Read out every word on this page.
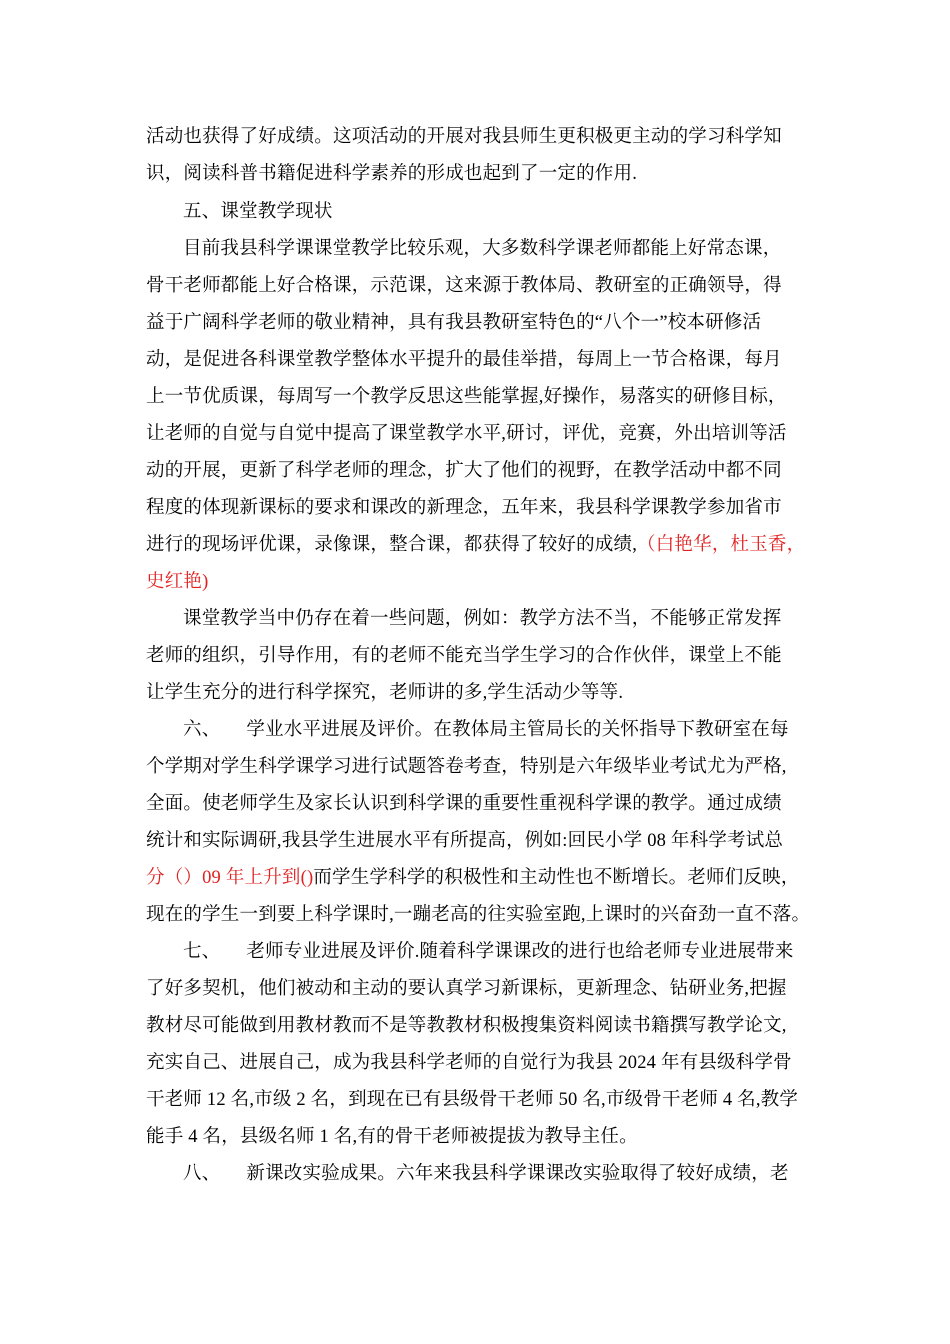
活动也获得了好成绩。这项活动的开展对我县师生更积极更主动的学习科学知
识，阅读科普书籍促进科学素养的形成也起到了一定的作用.
五、课堂教学现状
目前我县科学课课堂教学比较乐观，大多数科学课老师都能上好常态课，
骨干老师都能上好合格课，示范课，这来源于教体局、教研室的正确领导，得
益于广阔科学老师的敬业精神，具有我县教研室特色的“八个一”校本研修活
动，是促进各科课堂教学整体水平提升的最佳举措，每周上一节合格课，每月
上一节优质课，每周写一个教学反思这些能掌握,好操作，易落实的研修目标，
让老师的自觉与自觉中提高了课堂教学水平,研讨，评优，竞赛，外出培训等活
动的开展，更新了科学老师的理念，扩大了他们的视野，在教学活动中都不同
程度的体现新课标的要求和课改的新理念，五年来，我县科学课教学参加省市
进行的现场评优课，录像课，整合课，都获得了较好的成绩,（白艳华，杜玉香，
史红艳)
课堂教学当中仍存在着一些问题，例如：教学方法不当，不能够正常发挥
老师的组织，引导作用，有的老师不能充当学生学习的合作伙伴，课堂上不能
让学生充分的进行科学探究，老师讲的多,学生活动少等等.
六、 学业水平进展及评价。在教体局主管局长的关怀指导下教研室在每
个学期对学生科学课学习进行试题答卷考查，特别是六年级毕业考试尤为严格,
全面。使老师学生及家长认识到科学课的重要性重视科学课的教学。通过成绩
统计和实际调研,我县学生进展水平有所提高，例如:回民小学 08 年科学考试总
分（）09 年上升到()而学生学科学的积极性和主动性也不断增长。老师们反映，
现在的学生一到要上科学课时,一蹦老高的往实验室跑,上课时的兴奋劲一直不落。
七、 老师专业进展及评价.随着科学课课改的进行也给老师专业进展带来
了好多契机，他们被动和主动的要认真学习新课标，更新理念、钻研业务,把握
教材尽可能做到用教材教而不是等教教材积极搜集资料阅读书籍撰写教学论文,
充实自己、进展自己，成为我县科学老师的自觉行为我县 2024 年有县级科学骨
干老师 12 名,市级 2 名，到现在已有县级骨干老师 50 名,市级骨干老师 4 名,教学
能手 4 名，县级名师 1 名,有的骨干老师被提拔为教导主任。
八、 新课改实验成果。六年来我县科学课课改实验取得了较好成绩，老
